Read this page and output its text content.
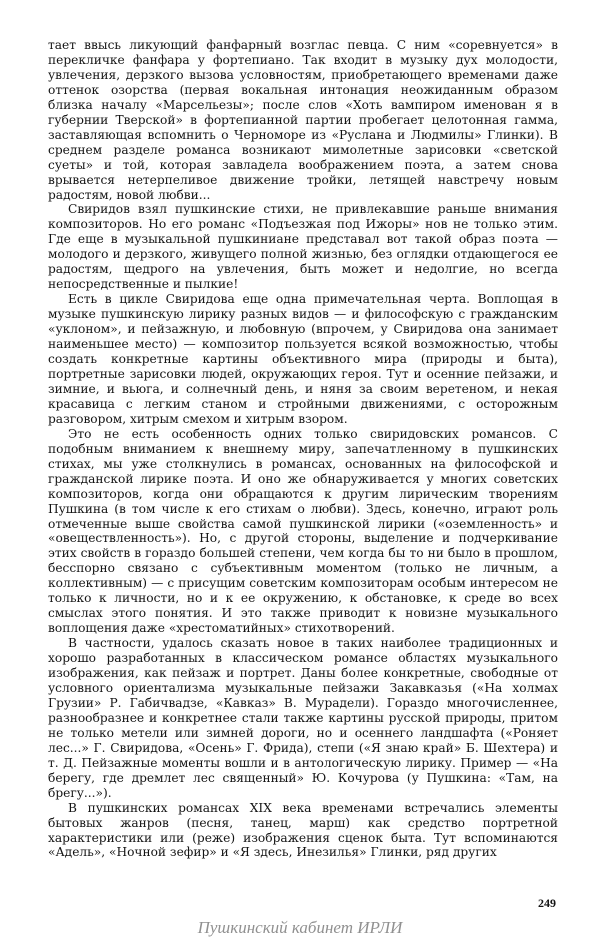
тает ввысь ликующий фанфарный возглас певца. С ним «соревнуется» в перекличке фанфара у фортепиано. Так входит в музыку дух молодости, увлечения, дерзкого вызова условностям, приобретающего временами даже оттенок озорства (первая вокальная интонация неожиданным образом близка началу «Марсельезы»; после слов «Хоть вампиром именован я в губернии Тверской» в фортепианной партии пробегает целотонная гамма, заставляющая вспомнить о Черноморе из «Руслана и Людмилы» Глинки). В среднем разделе романса возникают мимолетные зарисовки «светской суеты» и той, которая завладела воображением поэта, а затем снова врывается нетерпеливое движение тройки, летящей навстречу новым радостям, новой любви...

Свиридов взял пушкинские стихи, не привлекавшие раньше внимания композиторов. Но его романс «Подъезжая под Ижоры» нов не только этим. Где еще в музыкальной пушкиниане представал вот такой образ поэта — молодого и дерзкого, живущего полной жизнью, без оглядки отдающегося ее радостям, щедрого на увлечения, быть может и недолгие, но всегда непосредственные и пылкие!

Есть в цикле Свиридова еще одна примечательная черта. Воплощая в музыке пушкинскую лирику разных видов — и философскую с гражданским «уклоном», и пейзажную, и любовную (впрочем, у Свиридова она занимает наименьшее место) — композитор пользуется всякой возможностью, чтобы создать конкретные картины объективного мира (природы и быта), портретные зарисовки людей, окружающих героя. Тут и осенние пейзажи, и зимние, и вьюга, и солнечный день, и няня за своим веретеном, и некая красавица с легким станом и стройными движениями, с осторожным разговором, хитрым смехом и хитрым взором.

Это не есть особенность одних только свиридовских романсов. С подобным вниманием к внешнему миру, запечатленному в пушкинских стихах, мы уже столкнулись в романсах, основанных на философской и гражданской лирике поэта. И оно же обнаруживается у многих советских композиторов, когда они обращаются к другим лирическим творениям Пушкина (в том числе к его стихам о любви). Здесь, конечно, играют роль отмеченные выше свойства самой пушкинской лирики («оземленность» и «овеществленность»). Но, с другой стороны, выделение и подчеркивание этих свойств в гораздо большей степени, чем когда бы то ни было в прошлом, бесспорно связано с субъективным моментом (только не личным, а коллективным) — с присущим советским композиторам особым интересом не только к личности, но и к ее окружению, к обстановке, к среде во всех смыслах этого понятия. И это также приводит к новизне музыкального воплощения даже «хрестоматийных» стихотворений.

В частности, удалось сказать новое в таких наиболее традиционных и хорошо разработанных в классическом романсе областях музыкального изображения, как пейзаж и портрет. Даны более конкретные, свободные от условного ориентализма музыкальные пейзажи Закавказья («На холмах Грузии» Р. Габичвадзе, «Кавказ» В. Мурадели). Гораздо многочисленнее, разнообразнее и конкретнее стали также картины русской природы, притом не только метели или зимней дороги, но и осеннего ландшафта («Роняет лес...» Г. Свиридова, «Осень» Г. Фрида), степи («Я знаю край» Б. Шехтера) и т. Д. Пейзажные моменты вошли и в антологическую лирику. Пример — «На берегу, где дремлет лес священный» Ю. Кочурова (у Пушкина: «Там, на брегу...»).

В пушкинских романсах XIX века временами встречались элементы бытовых жанров (песня, танец, марш) как средство портретной характеристики или (реже) изображения сценок быта. Тут вспоминаются «Адель», «Ночной зефир» и «Я здесь, Инезилья» Глинки, ряд других

249
Пушкинский кабинет ИРЛИ
